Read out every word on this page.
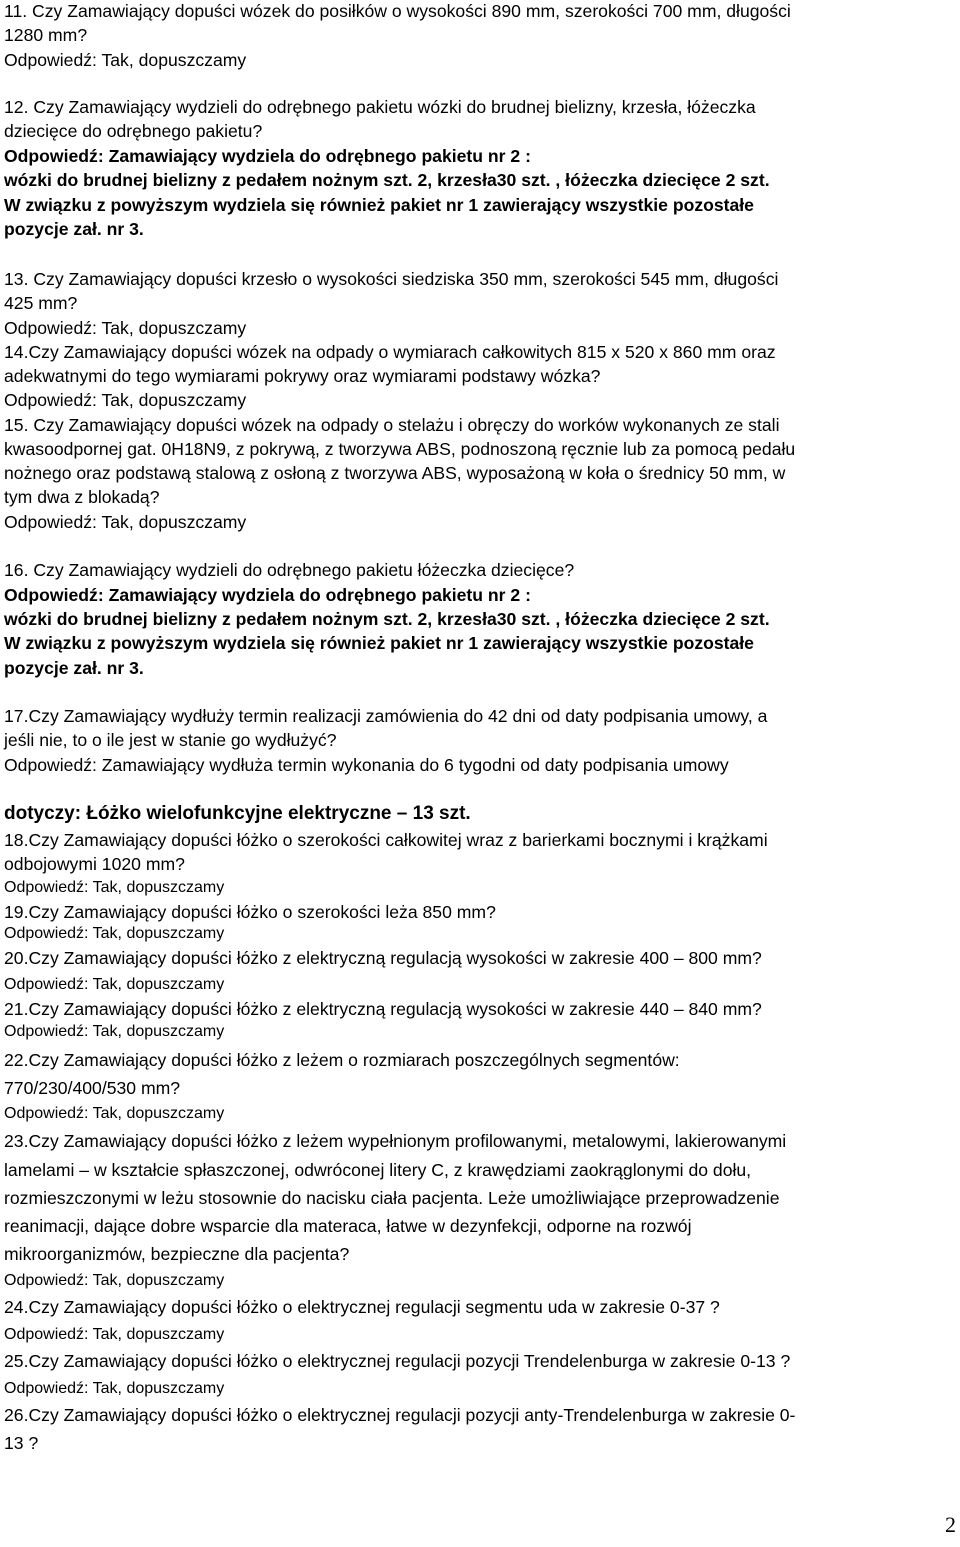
11. Czy Zamawiający dopuści wózek do posiłków o wysokości 890 mm, szerokości 700 mm, długości
1280 mm?
Odpowiedź: Tak, dopuszczamy
12. Czy Zamawiający wydzieli do odrębnego pakietu wózki do brudnej bielizny, krzesła, łóżeczka
dziecięce do odrębnego pakietu?
Odpowiedź: Zamawiający wydziela do odrębnego pakietu nr 2 :
wózki do brudnej bielizny z pedałem nożnym szt. 2, krzesła30 szt. , łóżeczka dziecięce 2 szt.
W związku z powyższym wydziela się również pakiet nr 1 zawierający wszystkie pozostałe
pozycje zał. nr 3.
13. Czy Zamawiający dopuści krzesło o wysokości siedziska 350 mm, szerokości 545 mm, długości
425 mm?
Odpowiedź: Tak, dopuszczamy
14.Czy Zamawiający dopuści wózek na odpady o wymiarach całkowitych 815 x 520 x 860 mm oraz
adekwatnymi do tego wymiarami pokrywy oraz wymiarami podstawy wózka?
Odpowiedź: Tak, dopuszczamy
15. Czy Zamawiający dopuści wózek na odpady o stelażu i obręczy do worków wykonanych ze stali
kwasoodpornej gat. 0H18N9, z pokrywą, z tworzywa ABS, podnoszoną ręcznie lub za pomocą pedału
nożnego oraz podstawą stalową z osłoną z tworzywa ABS, wyposażoną w koła o średnicy 50 mm, w
tym dwa z blokadą?
Odpowiedź: Tak, dopuszczamy
16. Czy Zamawiający wydzieli do odrębnego pakietu łóżeczka dziecięce?
Odpowiedź: Zamawiający wydziela do odrębnego pakietu nr 2 :
wózki do brudnej bielizny z pedałem nożnym szt. 2, krzesła30 szt. , łóżeczka dziecięce 2 szt.
W związku z powyższym wydziela się również pakiet nr 1 zawierający wszystkie pozostałe
pozycje zał. nr 3.
17.Czy Zamawiający wydłuży termin realizacji zamówienia do 42 dni od daty podpisania umowy, a
jeśli nie, to o ile jest w stanie go wydłużyć?
Odpowiedź: Zamawiający wydłuża termin wykonania do 6 tygodni od daty podpisania umowy
dotyczy: Łóżko wielofunkcyjne elektryczne – 13 szt.
18.Czy Zamawiający dopuści łóżko o szerokości całkowitej wraz z barierkami bocznymi i krążkami
odbojowymi 1020 mm?
Odpowiedź: Tak, dopuszczamy
19.Czy Zamawiający dopuści łóżko o szerokości leża 850 mm?
Odpowiedź: Tak, dopuszczamy
20.Czy Zamawiający dopuści łóżko z elektryczną regulacją wysokości w zakresie 400 – 800 mm?
Odpowiedź: Tak, dopuszczamy
21.Czy Zamawiający dopuści łóżko z elektryczną regulacją wysokości w zakresie 440 – 840 mm?
Odpowiedź: Tak, dopuszczamy
22.Czy Zamawiający dopuści łóżko z leżem o rozmiarach poszczególnych segmentów:
770/230/400/530 mm?
Odpowiedź: Tak, dopuszczamy
23.Czy Zamawiający dopuści łóżko z leżem wypełnionym profilowanymi, metalowymi, lakierowanymi
lamelami – w kształcie spłaszczonej, odwróconej litery C, z krawędziami zaokrąglonymi do dołu,
rozmieszczonymi w leżu stosownie do nacisku ciała pacjenta. Leże umożliwiające przeprowadzenie
reanimacji, dające dobre wsparcie dla materaca, łatwe w dezynfekcji, odporne na rozwój
mikroorganizmów, bezpieczne dla pacjenta?
Odpowiedź: Tak, dopuszczamy
24.Czy Zamawiający dopuści łóżko o elektrycznej regulacji segmentu uda w zakresie 0-37 ?
Odpowiedź: Tak, dopuszczamy
25.Czy Zamawiający dopuści łóżko o elektrycznej regulacji pozycji Trendelenburga w zakresie 0-13 ?
Odpowiedź: Tak, dopuszczamy
26.Czy Zamawiający dopuści łóżko o elektrycznej regulacji pozycji anty-Trendelenburga w zakresie 0-
13 ?
2
